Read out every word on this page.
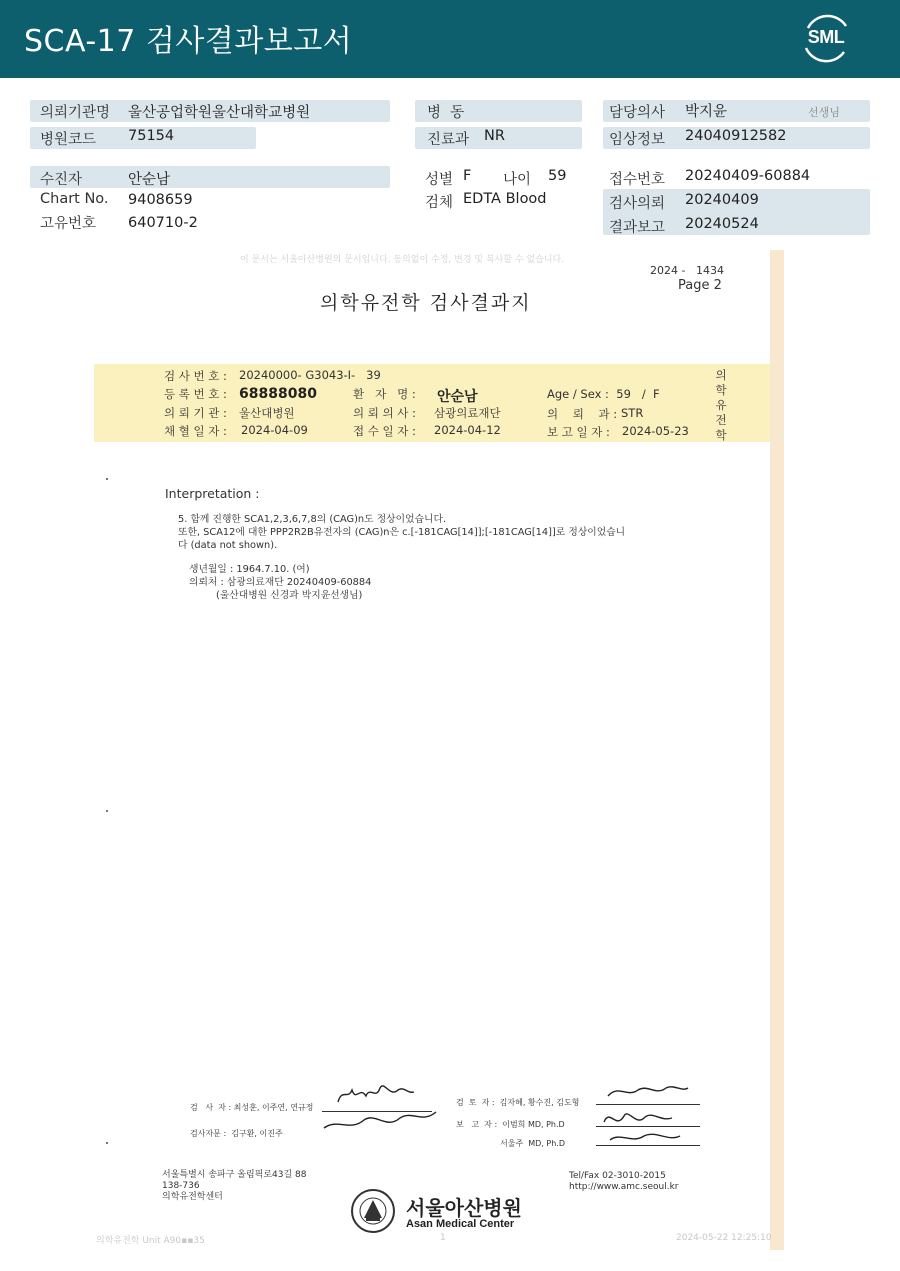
SCA-17 검사결과보고서	SML
의뢰기관명 울산공업학원울산대학교병원
병원코드 75154
병  동
진료과 NR
담당의사 박지윤	선생님
임상정보 24040912582
수진자	안순남
Chart No. 9408659
고유번호 640710-2
성별 F 나이 59
검체 EDTA Blood
접수번호 20240409-60884
검사의뢰 20240409
결과보고 20240524
이 문서는 서울아산병원의 문서입니다. 동의없이 수정, 변경 및 복사할 수 없습니다.
2024 -   1434
Page 2
의학유전학 검사결과지
검 사 번 호 : 20240000- G3043-I-   39
등 록 번 호 : 68888080	환   자   명 : 안순남	Age / Sex :  59   /  F
의 뢰 기 관 : 울산대병원	의 뢰 의 사 : 삼광의료재단	의    뢰    과 : STR
채 혈 일 자 : 2024-04-09	접 수 일 자 : 2024-04-12	보 고 일 자 : 2024-05-23
의
학
유
전
학
Interpretation :
5. 함께 진행한 SCA1,2,3,6,7,8의 (CAG)n도 정상이었습니다.
또한, SCA12에 대한 PPP2R2B유전자의 (CAG)n은 c.[-181CAG[14]];[-181CAG[14]]로 정상이었습니
다 (data not shown).
생년월일 : 1964.7.10. (여)
의뢰처 : 삼광의료재단 20240409-60884
(울산대병원 신경과 박지윤선생님)
검   사  자 : 최성훈, 이주연, 연규정
검사자문 :  김구환, 이진주
검  토  자 :  김자혜, 황수진, 김도형
보   고  자 :  이범희 MD, Ph.D
서울주  MD, Ph.D
서울특별시 송파구 올림픽로43길 88
138-736
의학유전학센터
Tel/Fax 02-3010-2015
http://www.amc.seoul.kr
서울아산병원
Asan Medical Center
의학유전학 Unit A90▪▪35	1	2024-05-22 12:25:10
